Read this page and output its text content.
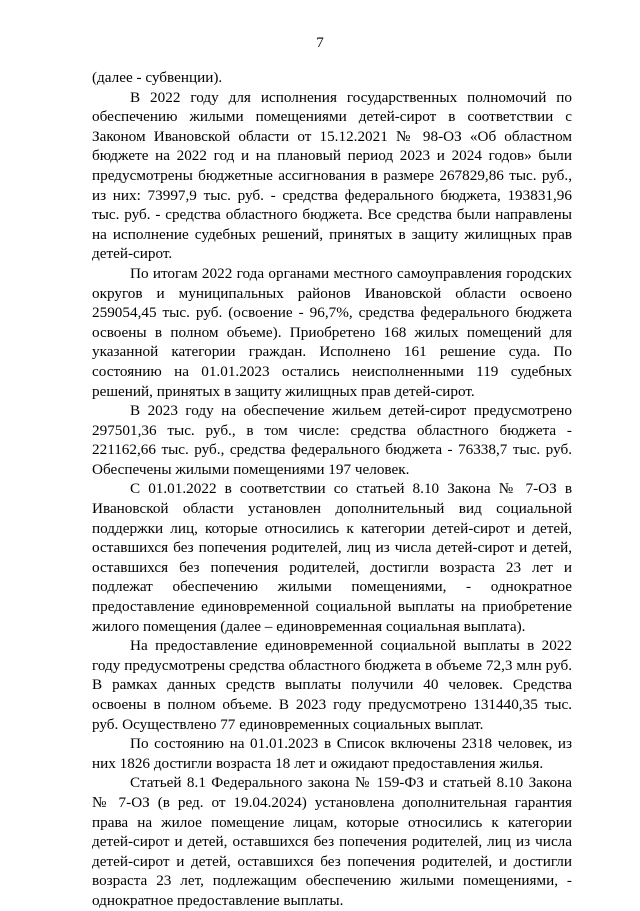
7

(далее - субвенции).

В 2022 году для исполнения государственных полномочий по обеспечению жилыми помещениями детей-сирот в соответствии с Законом Ивановской области от 15.12.2021 № 98-ОЗ «Об областном бюджете на 2022 год и на плановый период 2023 и 2024 годов» были предусмотрены бюджетные ассигнования в размере 267829,86 тыс. руб., из них: 73997,9 тыс. руб. - средства федерального бюджета, 193831,96 тыс. руб. - средства областного бюджета. Все средства были направлены на исполнение судебных решений, принятых в защиту жилищных прав детей-сирот.

По итогам 2022 года органами местного самоуправления городских округов и муниципальных районов Ивановской области освоено 259054,45 тыс. руб. (освоение - 96,7%, средства федерального бюджета освоены в полном объеме). Приобретено 168 жилых помещений для указанной категории граждан. Исполнено 161 решение суда. По состоянию на 01.01.2023 остались неисполненными 119 судебных решений, принятых в защиту жилищных прав детей-сирот.

В 2023 году на обеспечение жильем детей-сирот предусмотрено 297501,36 тыс. руб., в том числе: средства областного бюджета - 221162,66 тыс. руб., средства федерального бюджета - 76338,7 тыс. руб. Обеспечены жилыми помещениями 197 человек.

С 01.01.2022 в соответствии со статьей 8.10 Закона № 7-ОЗ в Ивановской области установлен дополнительный вид социальной поддержки лиц, которые относились к категории детей-сирот и детей, оставшихся без попечения родителей, лиц из числа детей-сирот и детей, оставшихся без попечения родителей, достигли возраста 23 лет и подлежат обеспечению жилыми помещениями, - однократное предоставление единовременной социальной выплаты на приобретение жилого помещения (далее – единовременная социальная выплата).

На предоставление единовременной социальной выплаты в 2022 году предусмотрены средства областного бюджета в объеме 72,3 млн руб. В рамках данных средств выплаты получили 40 человек. Средства освоены в полном объеме. В 2023 году предусмотрено 131440,35 тыс. руб. Осуществлено 77 единовременных социальных выплат.

По состоянию на 01.01.2023 в Список включены 2318 человек, из них 1826 достигли возраста 18 лет и ожидают предоставления жилья.

Статьей 8.1 Федерального закона № 159-ФЗ и статьей 8.10 Закона № 7-ОЗ (в ред. от 19.04.2024) установлена дополнительная гарантия права на жилое помещение лицам, которые относились к категории детей-сирот и детей, оставшихся без попечения родителей, лиц из числа детей-сирот и детей, оставшихся без попечения родителей, и достигли возраста 23 лет, подлежащим обеспечению жилыми помещениями, - однократное предоставление выплаты.
